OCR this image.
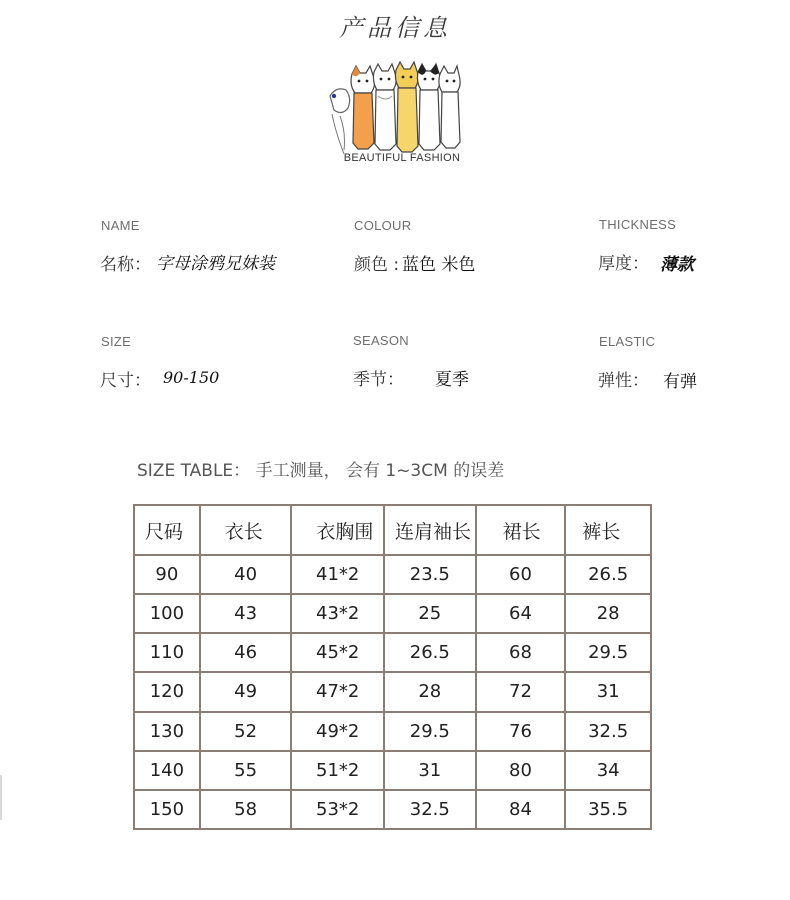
产品信息
BEAUTIFUL FASHION
NAME
名称： 字母涂鸦兄妹装
COLOUR
颜色 : 蓝色 米色
THICKNESS
厚度： 薄款
SIZE
尺寸： 90-150
SEASON
季节： 夏季
ELASTIC
弹性： 有弹
SIZE TABLE： 手工测量， 会有 1~3CM 的误差
尺码	衣长	衣胸围	连肩袖长	裙长	裤长
90	40	41*2	23.5	60	26.5
100	43	43*2	25	64	28
110	46	45*2	26.5	68	29.5
120	49	47*2	28	72	31
130	52	49*2	29.5	76	32.5
140	55	51*2	31	80	34
150	58	53*2	32.5	84	35.5
